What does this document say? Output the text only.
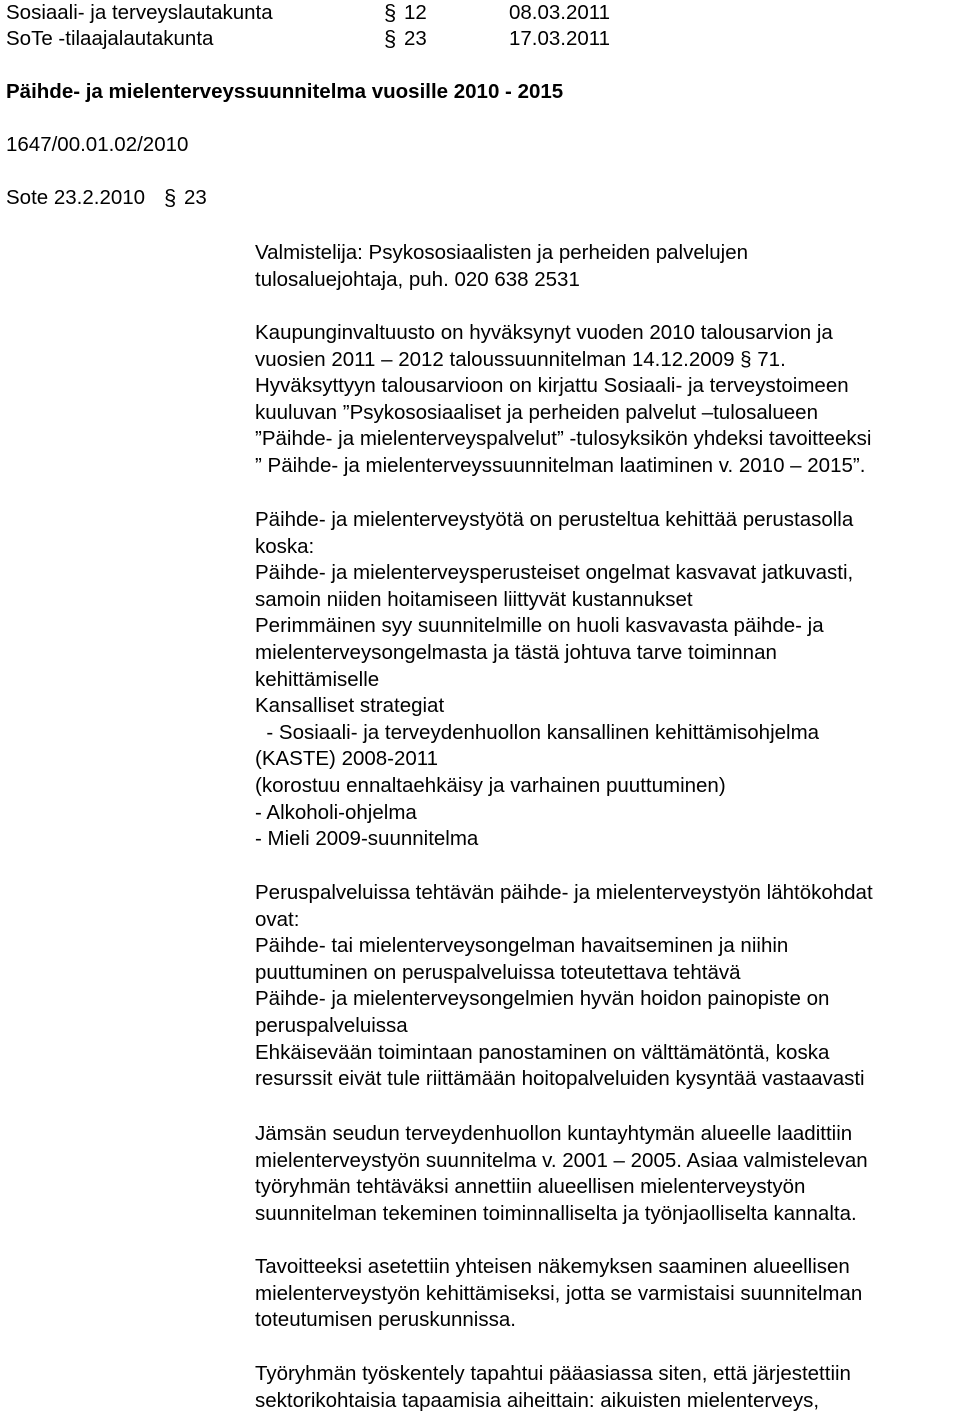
Sosiaali- ja terveyslautakunta	§ 12	08.03.2011
SoTe -tilaajalautakunta	§ 23	17.03.2011
Päihde- ja mielenterveyssuunnitelma vuosille 2010 - 2015
1647/00.01.02/2010
Sote 23.2.2010 § 23

Valmistelija: Psykososiaalisten ja perheiden palvelujen

tulosaluejohtaja, puh. 020 638 2531

Kaupunginvaltuusto on hyväksynyt vuoden 2010 talousarvion ja

vuosien 2011 – 2012 taloussuunnitelman 14.12.2009 § 71.

Hyväksyttyyn talousarvioon on kirjattu Sosiaali- ja terveystoimeen

kuuluvan ”Psykososiaaliset ja perheiden palvelut –tulosalueen

”Päihde- ja mielenterveyspalvelut” -tulosyksikön yhdeksi tavoitteeksi

” Päihde- ja mielenterveyssuunnitelman laatiminen v. 2010 – 2015”.

Päihde- ja mielenterveystyötä on perusteltua kehittää perustasolla

koska:

Päihde- ja mielenterveysperusteiset ongelmat kasvavat jatkuvasti,

samoin niiden hoitamiseen liittyvät kustannukset

Perimmäinen syy suunnitelmille on huoli kasvavasta päihde- ja

mielenterveysongelmasta ja tästä johtuva tarve toiminnan

kehittämiselle

Kansalliset strategiat

- Sosiaali- ja terveydenhuollon kansallinen kehittämisohjelma

(KASTE) 2008-2011

(korostuu ennaltaehkäisy ja varhainen puuttuminen)

- Alkoholi-ohjelma

- Mieli 2009-suunnitelma

Peruspalveluissa tehtävän päihde- ja mielenterveystyön lähtökohdat

ovat:

Päihde- tai mielenterveysongelman havaitseminen ja niihin

puuttuminen on peruspalveluissa toteutettava tehtävä

Päihde- ja mielenterveysongelmien hyvän hoidon painopiste on

peruspalveluissa

Ehkäisevään toimintaan panostaminen on välttämätöntä, koska

resurssit eivät tule riittämään hoitopalveluiden kysyntää vastaavasti

Jämsän seudun terveydenhuollon kuntayhtymän alueelle laadittiin

mielenterveystyön suunnitelma v. 2001 – 2005. Asiaa valmistelevan

työryhmän tehtäväksi annettiin alueellisen mielenterveystyön

suunnitelman tekeminen toiminnalliselta ja työnjaolliselta kannalta.

Tavoitteeksi asetettiin yhteisen näkemyksen saaminen alueellisen

mielenterveystyön kehittämiseksi, jotta se varmistaisi suunnitelman

toteutumisen peruskunnissa.

Työryhmän työskentely tapahtui pääasiassa siten, että järjestettiin

sektorikohtaisia tapaamisia aiheittain: aikuisten mielenterveys,
